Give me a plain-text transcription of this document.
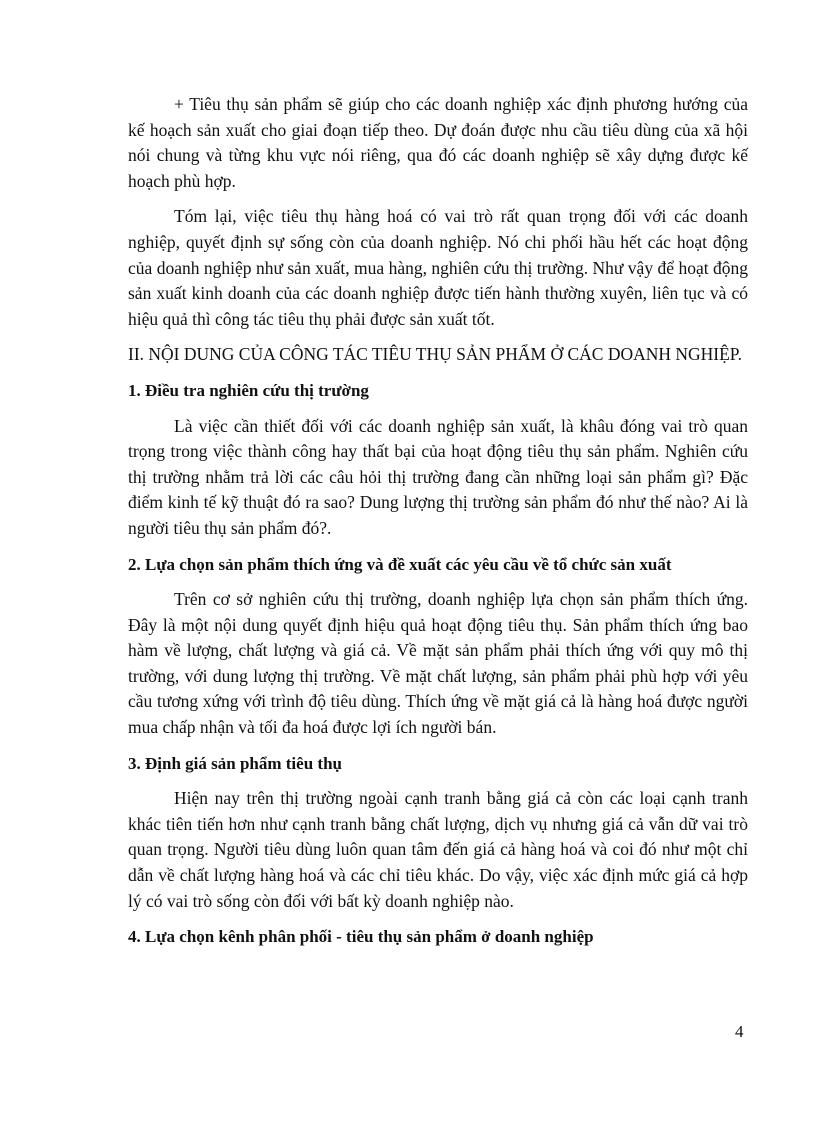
+ Tiêu thụ sản phẩm sẽ giúp cho các doanh nghiệp xác định phương hướng của kế hoạch sản xuất cho giai đoạn tiếp theo. Dự đoán được nhu cầu tiêu dùng của xã hội nói chung và từng khu vực nói riêng, qua đó các doanh nghiệp sẽ xây dựng được kế hoạch phù hợp.

Tóm lại, việc tiêu thụ hàng hoá có vai trò rất quan trọng đối với các doanh nghiệp, quyết định sự sống còn của doanh nghiệp. Nó chi phối hầu hết các hoạt động của doanh nghiệp như sản xuất, mua hàng, nghiên cứu thị trường. Như vậy để hoạt động sản xuất kinh doanh của các doanh nghiệp được tiến hành thường xuyên, liên tục và có hiệu quả thì công tác tiêu thụ phải được sản xuất tốt.

II. NỘI DUNG CỦA CÔNG TÁC TIÊU THỤ SẢN PHẨM Ở CÁC DOANH NGHIỆP.

1. Điều tra nghiên cứu thị trường

Là việc cần thiết đối với các doanh nghiệp sản xuất, là khâu đóng vai trò quan trọng trong việc thành công hay thất bại của hoạt động tiêu thụ sản phẩm. Nghiên cứu thị trường nhằm trả lời các câu hỏi thị trường đang cần những loại sản phẩm gì? Đặc điểm kinh tế kỹ thuật đó ra sao? Dung lượng thị trường sản phẩm đó như thế nào? Ai là người tiêu thụ sản phẩm đó?.

2. Lựa chọn sản phẩm thích ứng và đề xuất các yêu cầu về tổ chức sản xuất

Trên cơ sở nghiên cứu thị trường, doanh nghiệp lựa chọn sản phẩm thích ứng. Đây là một nội dung quyết định hiệu quả hoạt động tiêu thụ. Sản phẩm thích ứng bao hàm về lượng, chất lượng và giá cả. Về mặt sản phẩm phải thích ứng với quy mô thị trường, với dung lượng thị trường. Về mặt chất lượng, sản phẩm phải phù hợp với yêu cầu tương xứng với trình độ tiêu dùng. Thích ứng về mặt giá cả là hàng hoá được người mua chấp nhận và tối đa hoá được lợi ích người bán.

3. Định giá sản phẩm tiêu thụ

Hiện nay trên thị trường ngoài cạnh tranh bằng giá cả còn các loại cạnh tranh khác tiên tiến hơn như cạnh tranh bằng chất lượng, dịch vụ nhưng giá cả vẫn dữ vai trò quan trọng. Người tiêu dùng luôn quan tâm đến giá cả hàng hoá và coi đó như một chỉ dẫn về chất lượng hàng hoá và các chỉ tiêu khác. Do vậy, việc xác định mức giá cả hợp lý có vai trò sống còn đối với bất kỳ doanh nghiệp nào.

4. Lựa chọn kênh phân phối - tiêu thụ sản phẩm ở doanh nghiệp

4
